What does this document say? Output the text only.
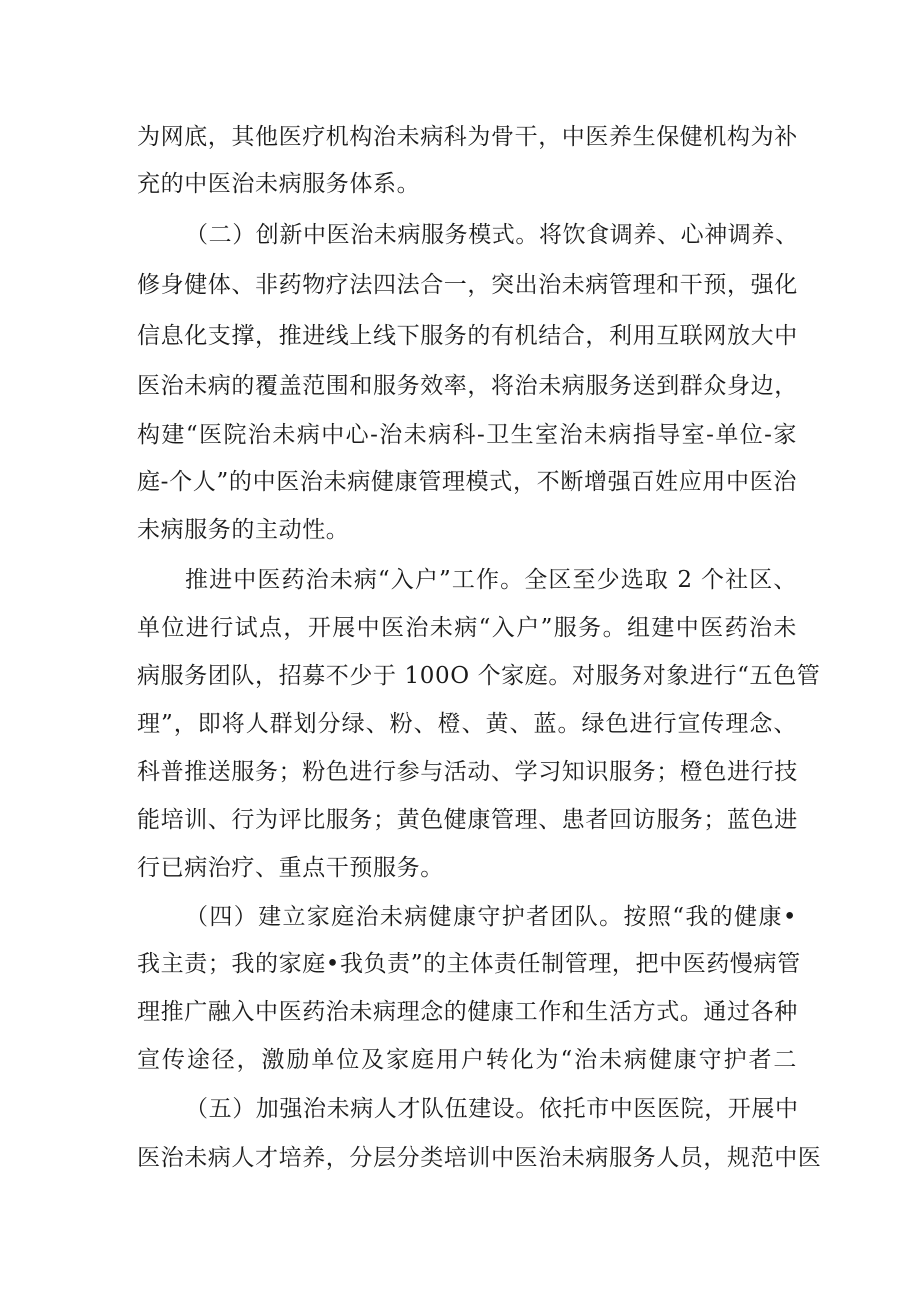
为网底，其他医疗机构治未病科为骨干，中医养生保健机构为补
充的中医治未病服务体系。
（二）创新中医治未病服务模式。将饮食调养、心神调养、
修身健体、非药物疗法四法合一，突出治未病管理和干预，强化
信息化支撑，推进线上线下服务的有机结合，利用互联网放大中
医治未病的覆盖范围和服务效率，将治未病服务送到群众身边，
构建“医院治未病中心-治未病科-卫生室治未病指导室-单位-家
庭-个人”的中医治未病健康管理模式，不断增强百姓应用中医治
未病服务的主动性。
推进中医药治未病“入户”工作。全区至少选取 2 个社区、
单位进行试点，开展中医治未病“入户”服务。组建中医药治未
病服务团队，招募不少于 100O 个家庭。对服务对象进行“五色管
理”，即将人群划分绿、粉、橙、黄、蓝。绿色进行宣传理念、
科普推送服务；粉色进行参与活动、学习知识服务；橙色进行技
能培训、行为评比服务；黄色健康管理、患者回访服务；蓝色进
行已病治疗、重点干预服务。
（四）建立家庭治未病健康守护者团队。按照“我的健康•
我主责；我的家庭•我负责”的主体责任制管理，把中医药慢病管
理推广融入中医药治未病理念的健康工作和生活方式。通过各种
宣传途径，激励单位及家庭用户转化为“治未病健康守护者二
（五）加强治未病人才队伍建设。依托市中医医院，开展中
医治未病人才培养，分层分类培训中医治未病服务人员，规范中医
